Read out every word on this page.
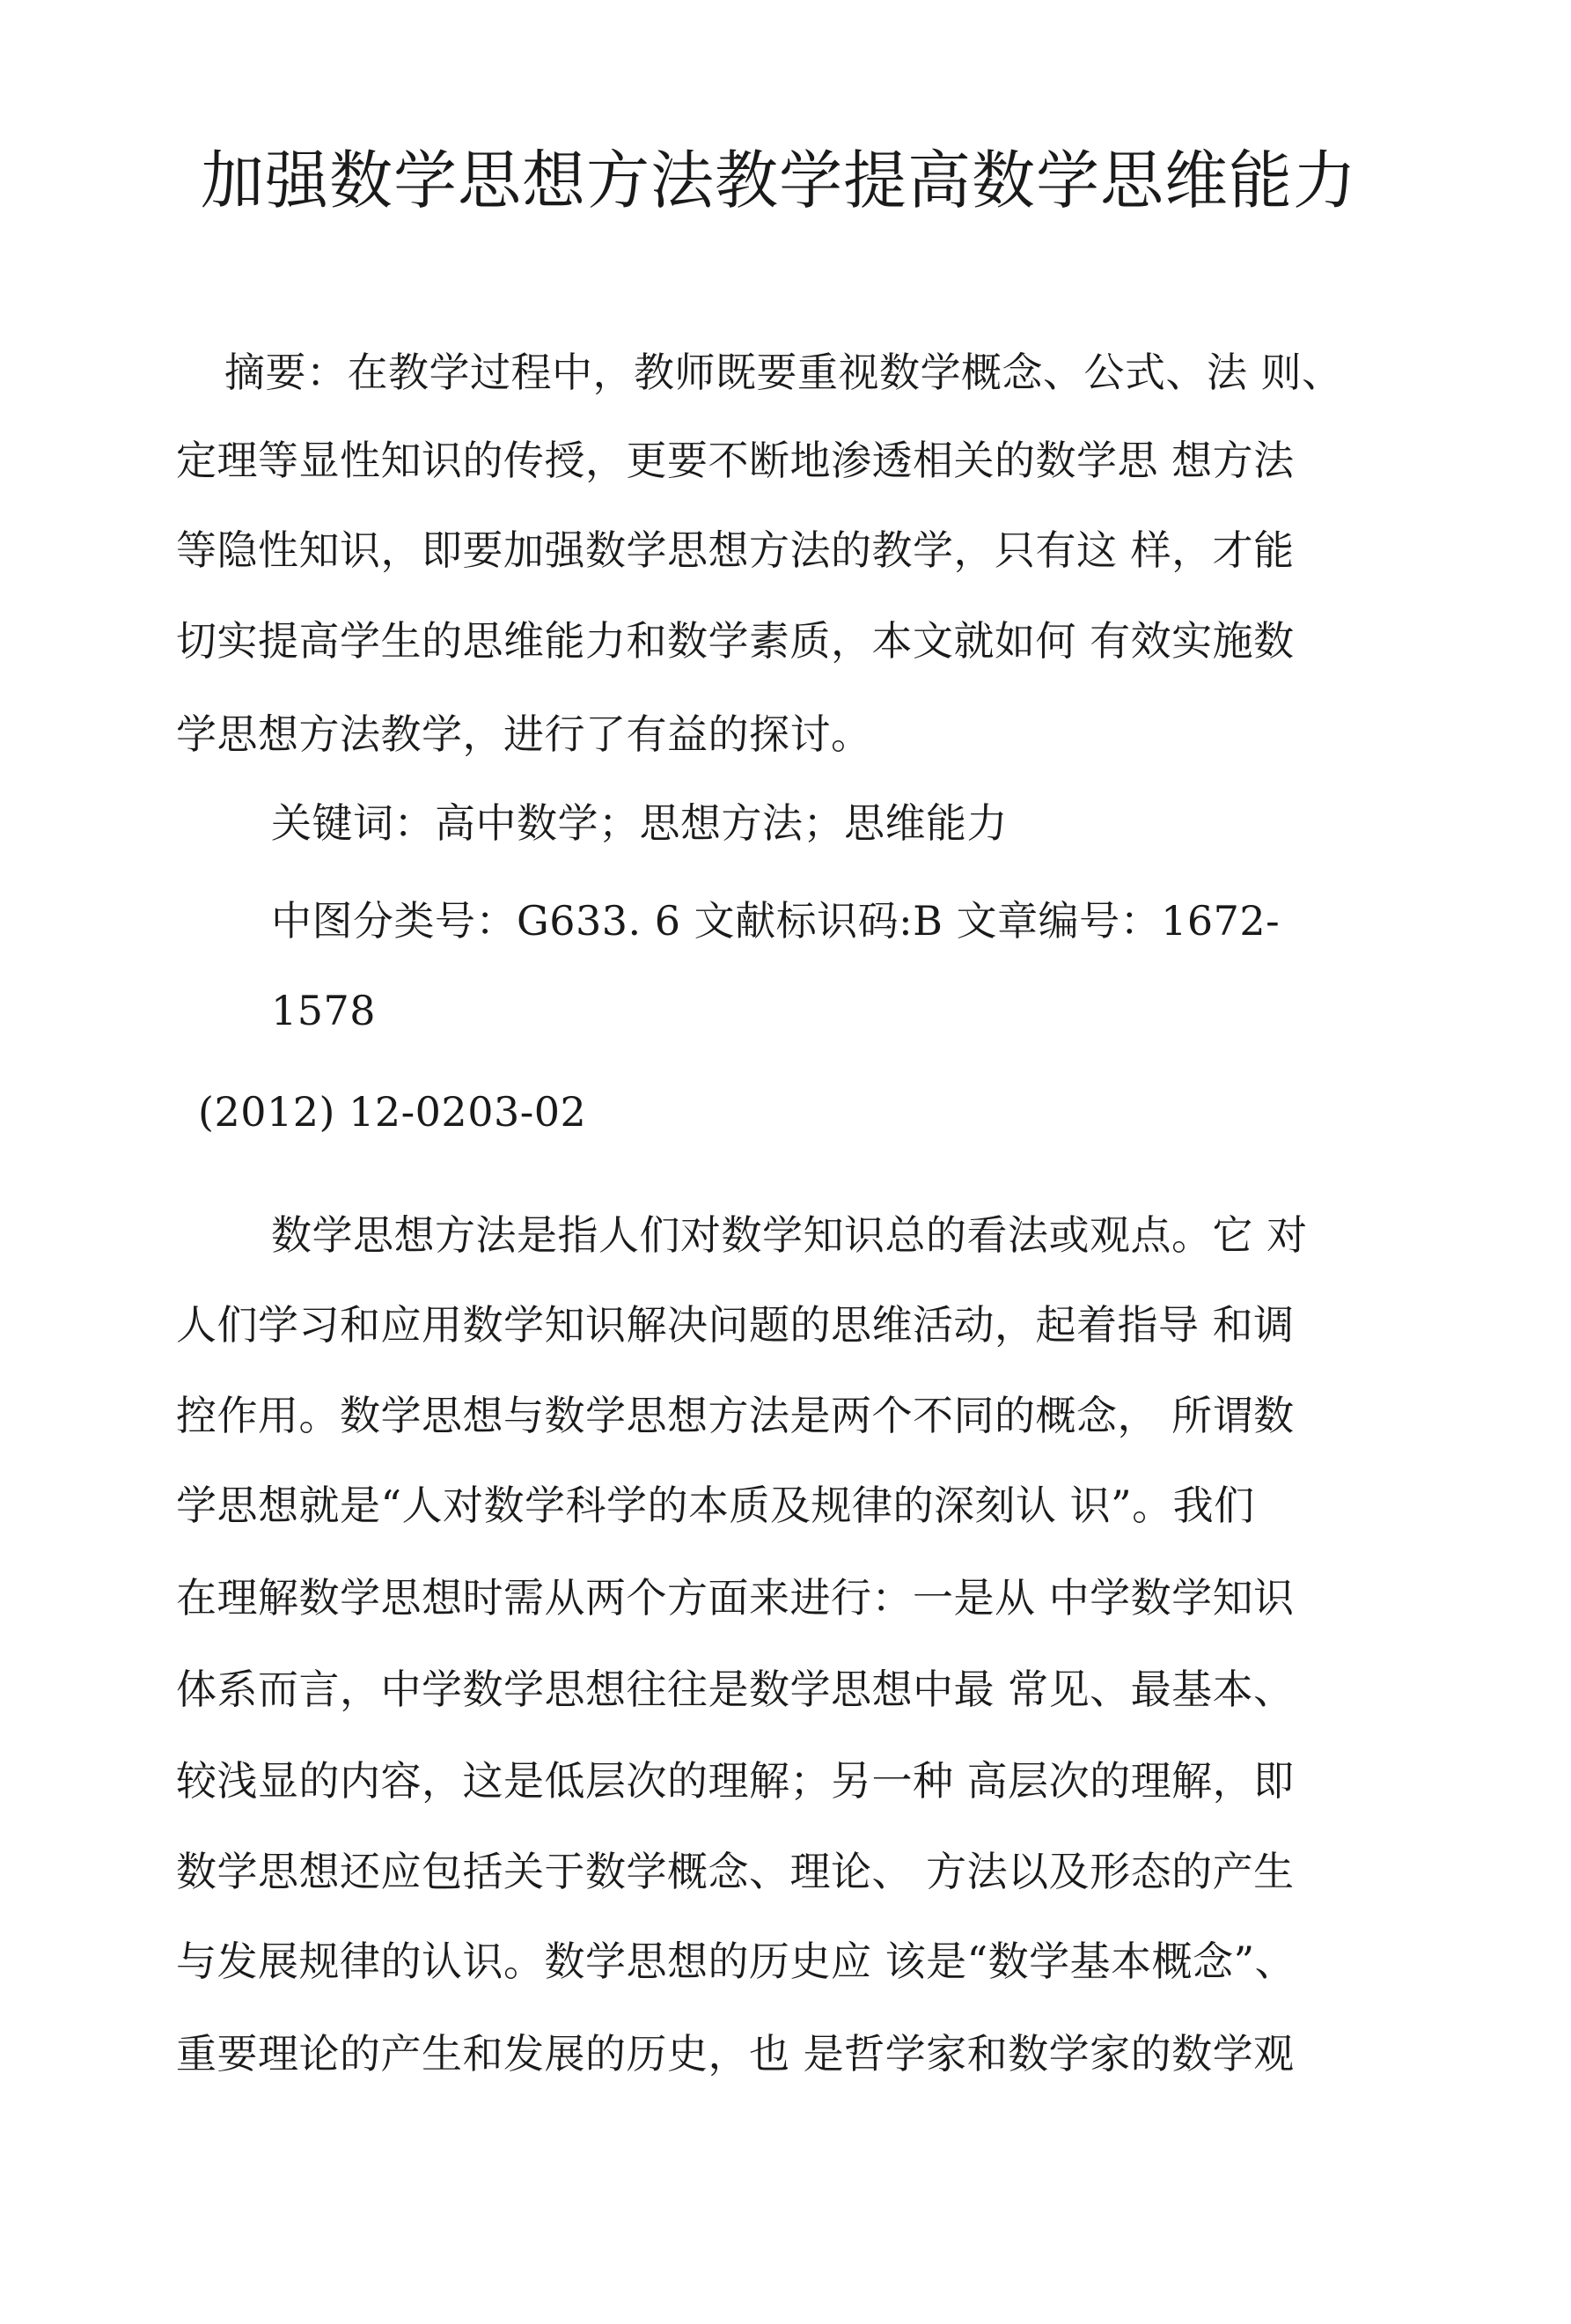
加强数学思想方法教学提高数学思维能力
摘要：在教学过程中，教师既要重视数学概念、公式、法 则、
定理等显性知识的传授，更要不断地渗透相关的数学思 想方法
等隐性知识，即要加强数学思想方法的教学，只有这 样，才能
切实提高学生的思维能力和数学素质，本文就如何 有效实施数
学思想方法教学，进行了有益的探讨。
关键词：高中数学；思想方法；思维能力
中图分类号：G633. 6 文献标识码:B 文章编号：1672-
1578
(2012) 12-0203-02
数学思想方法是指人们对数学知识总的看法或观点。它 对
人们学习和应用数学知识解决问题的思维活动，起着指导 和调
控作用。数学思想与数学思想方法是两个不同的概念， 所谓数
学思想就是“人对数学科学的本质及规律的深刻认 识”。我们
在理解数学思想时需从两个方面来进行：一是从 中学数学知识
体系而言，中学数学思想往往是数学思想中最 常见、最基本、
较浅显的内容，这是低层次的理解；另一种 高层次的理解，即
数学思想还应包括关于数学概念、理论、 方法以及形态的产生
与发展规律的认识。数学思想的历史应 该是“数学基本概念”、
重要理论的产生和发展的历史，也 是哲学家和数学家的数学观
